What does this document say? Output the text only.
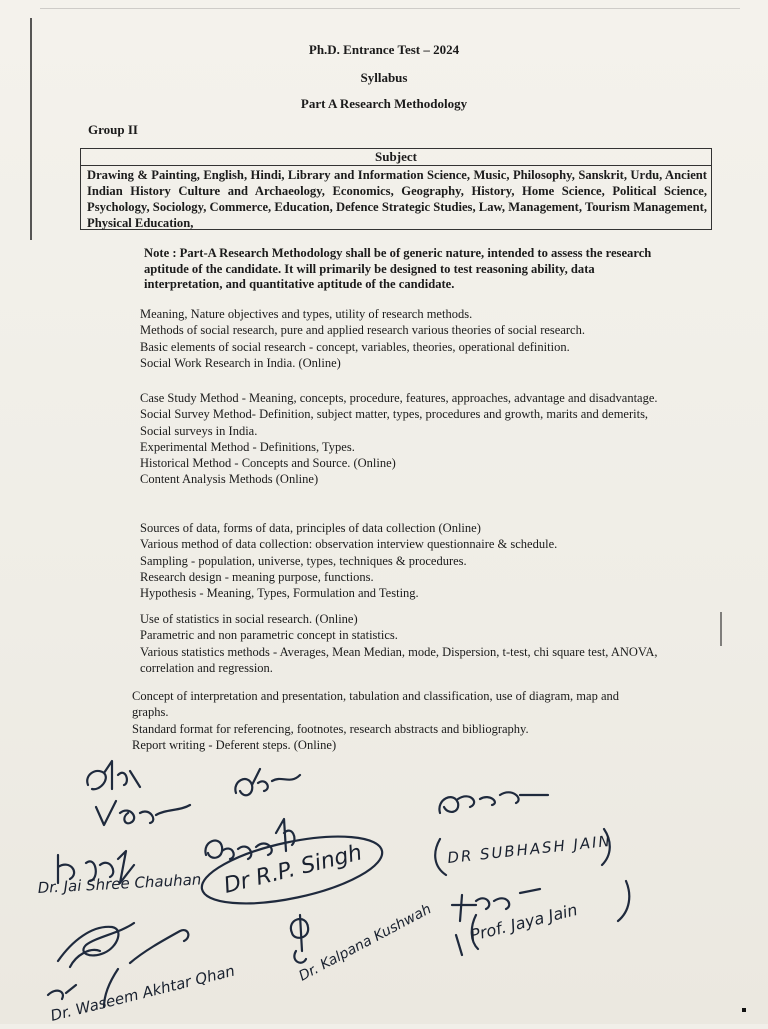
Ph.D. Entrance Test – 2024
Syllabus
Part A Research Methodology
Group II
Subject
Drawing & Painting, English, Hindi, Library and Information Science, Music, Philosophy, Sanskrit, Urdu, Ancient Indian History Culture and Archaeology, Economics, Geography, History, Home Science, Political Science, Psychology, Sociology, Commerce, Education, Defence Strategic Studies, Law, Management, Tourism Management, Physical Education,
Note : Part-A Research Methodology shall be of generic nature, intended to assess the research aptitude of the candidate. It will primarily be designed to test reasoning ability, data interpretation, and quantitative aptitude of the candidate.
Meaning, Nature objectives and types, utility of research methods.
Methods of social research, pure and applied research various theories of social research.
Basic elements of social research - concept, variables, theories, operational definition.
Social Work Research in India. (Online)
Case Study Method - Meaning, concepts, procedure, features, approaches, advantage and disadvantage.
Social Survey Method- Definition, subject matter, types, procedures and growth, marits and demerits, Social surveys in India.
Experimental Method - Definitions, Types.
Historical Method - Concepts and Source. (Online)
Content Analysis Methods (Online)
Sources of data, forms of data, principles of data collection (Online)
Various method of data collection: observation interview questionnaire & schedule.
Sampling - population, universe, types, techniques & procedures.
Research design - meaning purpose, functions.
Hypothesis - Meaning, Types, Formulation and Testing.
Use of statistics in social research. (Online)
Parametric and non parametric concept in statistics.
Various statistics methods - Averages, Mean Median, mode, Dispersion, t-test, chi square test, ANOVA, correlation and regression.
Concept of interpretation and presentation, tabulation and classification, use of diagram, map and graphs.
Standard format for referencing, footnotes, research abstracts and bibliography.
Report writing - Deferent steps. (Online)
Dr. Jai Shree Chauhan Dr R.P. Singh	DR SUBHASH JAIN
Dr. Kalpana Kushwah Prof. Jaya Jain
Dr. Waseem Akhtar Qhan
